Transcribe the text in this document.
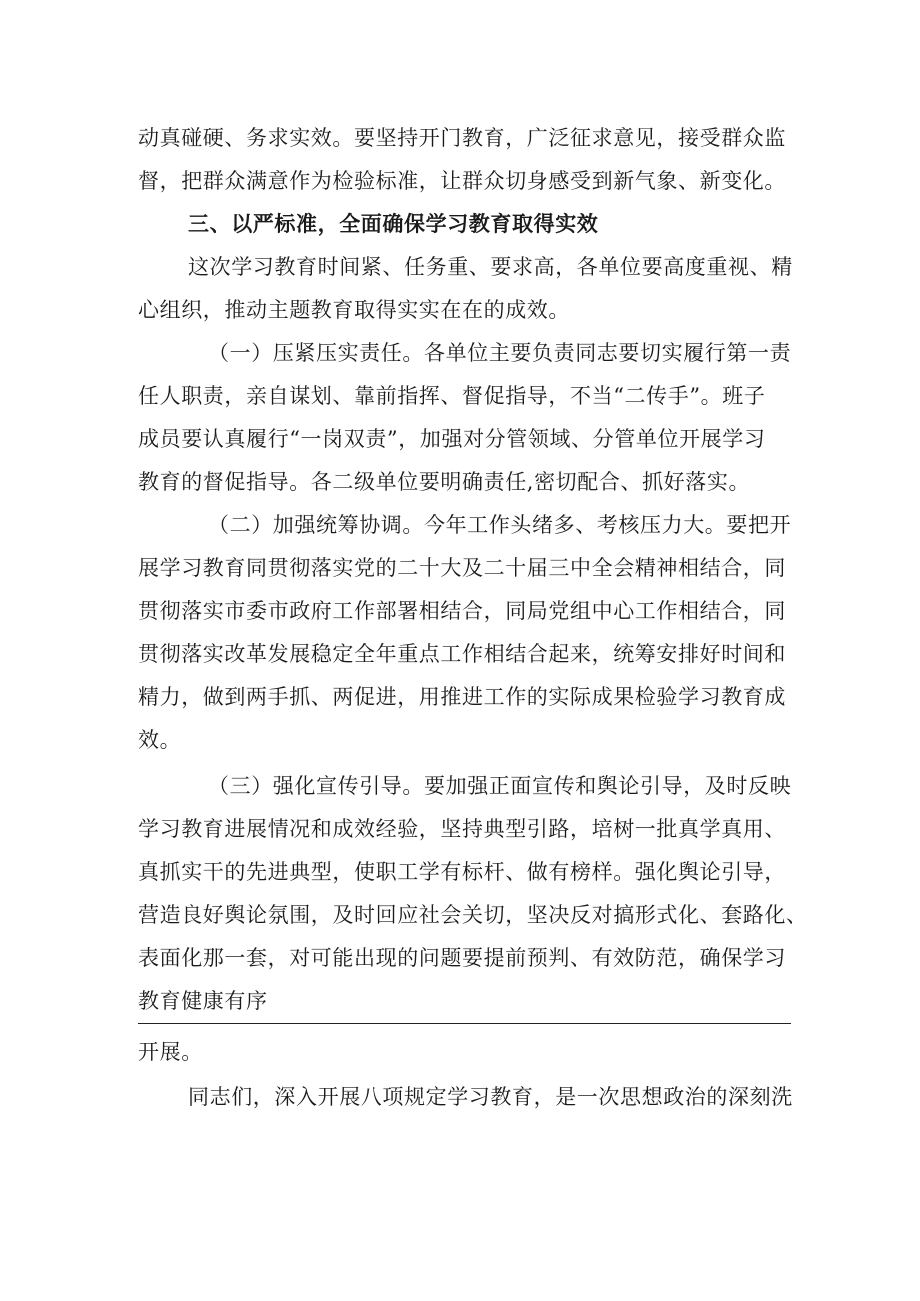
动真碰硬、务求实效。要坚持开门教育，广泛征求意见，接受群众监
督，把群众满意作为检验标准，让群众切身感受到新气象、新变化。
三、以严标准，全面确保学习教育取得实效
这次学习教育时间紧、任务重、要求高，各单位要高度重视、精
心组织，推动主题教育取得实实在在的成效。
（一）压紧压实责任。各单位主要负责同志要切实履行第一责
任人职责，亲自谋划、靠前指挥、督促指导，不当“二传手”。班子
成员要认真履行“一岗双责”，加强对分管领域、分管单位开展学习
教育的督促指导。各二级单位要明确责任,密切配合、抓好落实。
（二）加强统筹协调。今年工作头绪多、考核压力大。要把开
展学习教育同贯彻落实党的二十大及二十届三中全会精神相结合，同
贯彻落实市委市政府工作部署相结合，同局党组中心工作相结合，同
贯彻落实改革发展稳定全年重点工作相结合起来，统筹安排好时间和
精力，做到两手抓、两促进，用推进工作的实际成果检验学习教育成
效。
（三）强化宣传引导。要加强正面宣传和舆论引导，及时反映
学习教育进展情况和成效经验，坚持典型引路，培树一批真学真用、
真抓实干的先进典型，使职工学有标杆、做有榜样。强化舆论引导，
营造良好舆论氛围，及时回应社会关切，坚决反对搞形式化、套路化、
表面化那一套，对可能出现的问题要提前预判、有效防范，确保学习
教育健康有序
开展。
同志们，深入开展八项规定学习教育，是一次思想政治的深刻洗
